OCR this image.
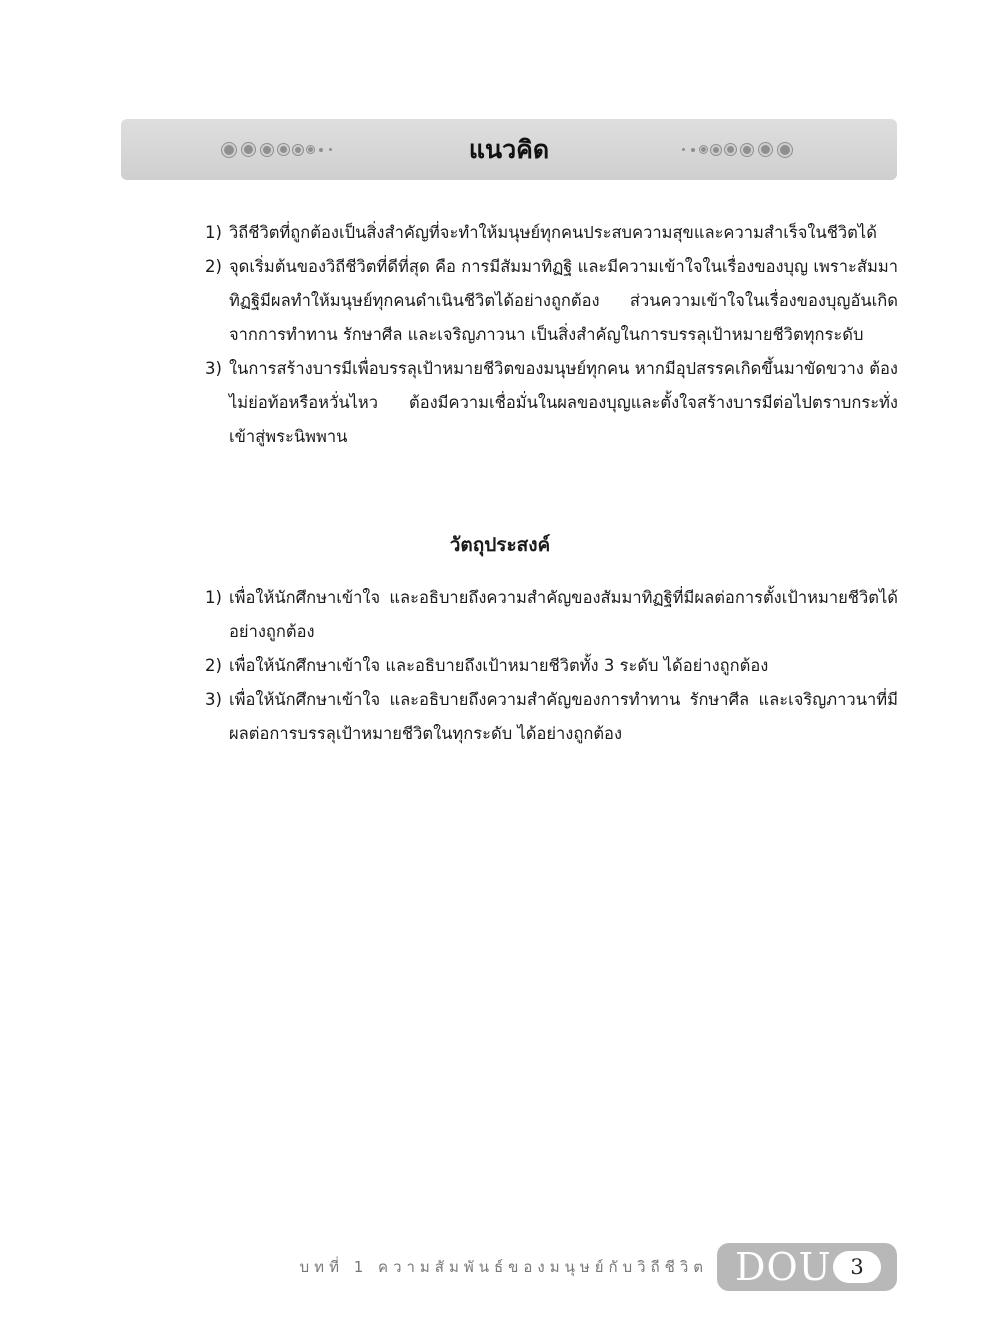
แนวคิด
1) วิถีชีวิตที่ถูกต้องเป็นสิ่งสำคัญที่จะทำให้มนุษย์ทุกคนประสบความสุขและความสำเร็จในชีวิตได้
2) จุดเริ่มต้นของวิถีชีวิตที่ดีที่สุด คือ การมีสัมมาทิฏฐิ และมีความเข้าใจในเรื่องของบุญ เพราะสัมมาทิฏฐิมีผลทำให้มนุษย์ทุกคนดำเนินชีวิตได้อย่างถูกต้อง ส่วนความเข้าใจในเรื่องของบุญอันเกิดจากการทำทาน รักษาศีล และเจริญภาวนา เป็นสิ่งสำคัญในการบรรลุเป้าหมายชีวิตทุกระดับ
3) ในการสร้างบารมีเพื่อบรรลุเป้าหมายชีวิตของมนุษย์ทุกคน หากมีอุปสรรคเกิดขึ้นมาขัดขวาง ต้องไม่ย่อท้อหรือหวั่นไหว ต้องมีความเชื่อมั่นในผลของบุญและตั้งใจสร้างบารมีต่อไปตราบกระทั่งเข้าสู่พระนิพพาน
วัตถุประสงค์
1) เพื่อให้นักศึกษาเข้าใจ และอธิบายถึงความสำคัญของสัมมาทิฏฐิที่มีผลต่อการตั้งเป้าหมายชีวิตได้อย่างถูกต้อง
2) เพื่อให้นักศึกษาเข้าใจ และอธิบายถึงเป้าหมายชีวิตทั้ง 3 ระดับ ได้อย่างถูกต้อง
3) เพื่อให้นักศึกษาเข้าใจ และอธิบายถึงความสำคัญของการทำทาน รักษาศีล และเจริญภาวนาที่มีผลต่อการบรรลุเป้าหมายชีวิตในทุกระดับ ได้อย่างถูกต้อง
บทที่ 1 ความสัมพันธ์ของมนุษย์กับวิถีชีวิต DOU 3
